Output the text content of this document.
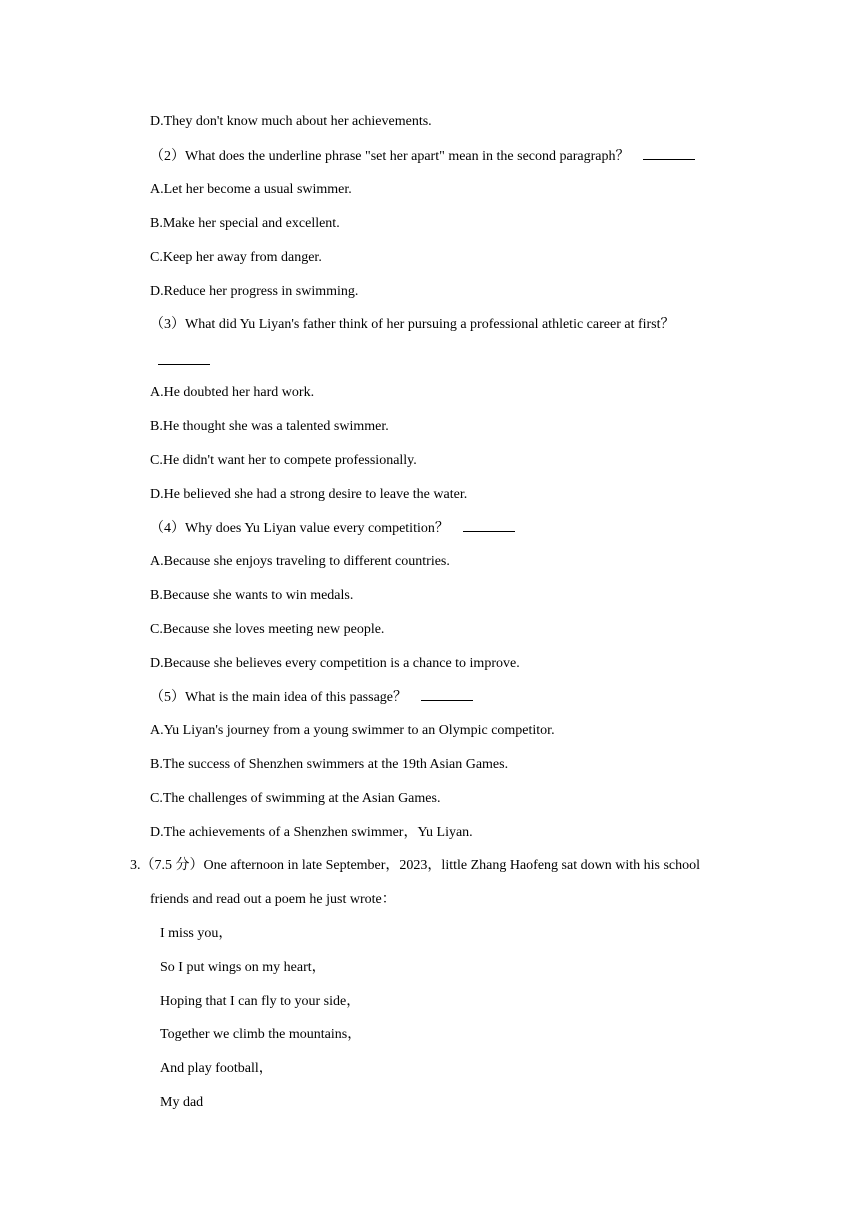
D.They don't know much about her achievements.
（2）What does the underline phrase "set her apart" mean in the second paragraph？
A.Let her become a usual swimmer.
B.Make her special and excellent.
C.Keep her away from danger.
D.Reduce her progress in swimming.
（3）What did Yu Liyan's father think of her pursuing a professional athletic career at first？
A.He doubted her hard work.
B.He thought she was a talented swimmer.
C.He didn't want her to compete professionally.
D.He believed she had a strong desire to leave the water.
（4）Why does Yu Liyan value every competition？
A.Because she enjoys traveling to different countries.
B.Because she wants to win medals.
C.Because she loves meeting new people.
D.Because she believes every competition is a chance to improve.
（5）What is the main idea of this passage？
A.Yu Liyan's journey from a young swimmer to an Olympic competitor.
B.The success of Shenzhen swimmers at the 19th Asian Games.
C.The challenges of swimming at the Asian Games.
D.The achievements of a Shenzhen swimmer，Yu Liyan.
3.（7.5 分）One afternoon in late September，2023，little Zhang Haofeng sat down with his school
friends and read out a poem he just wrote：
I miss you，
So I put wings on my heart，
Hoping that I can fly to your side，
Together we climb the mountains，
And play football，
My dad
